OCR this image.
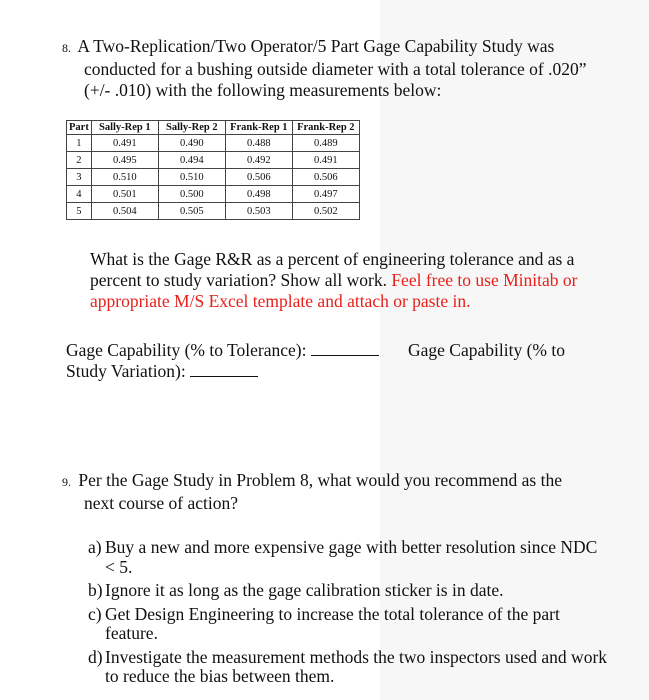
8. A Two-Replication/Two Operator/5 Part Gage Capability Study was
conducted for a bushing outside diameter with a total tolerance of .020”
(+/- .010) with the following measurements below:
Part	Sally-Rep 1	Sally-Rep 2	Frank-Rep 1	Frank-Rep 2
1	0.491	0.490	0.488	0.489
2	0.495	0.494	0.492	0.491
3	0.510	0.510	0.506	0.506
4	0.501	0.500	0.498	0.497
5	0.504	0.505	0.503	0.502
What is the Gage R&R as a percent of engineering tolerance and as a percent to study variation? Show all work. Feel free to use Minitab or appropriate M/S Excel template and attach or paste in.
Gage Capability (% to Tolerance):
Study Variation):
Gage Capability (% to
9. Per the Gage Study in Problem 8, what would you recommend as the
next course of action?
a) Buy a new and more expensive gage with better resolution since NDC < 5.
b) Ignore it as long as the gage calibration sticker is in date.
c) Get Design Engineering to increase the total tolerance of the part feature.
d) Investigate the measurement methods the two inspectors used and work to reduce the bias between them.
